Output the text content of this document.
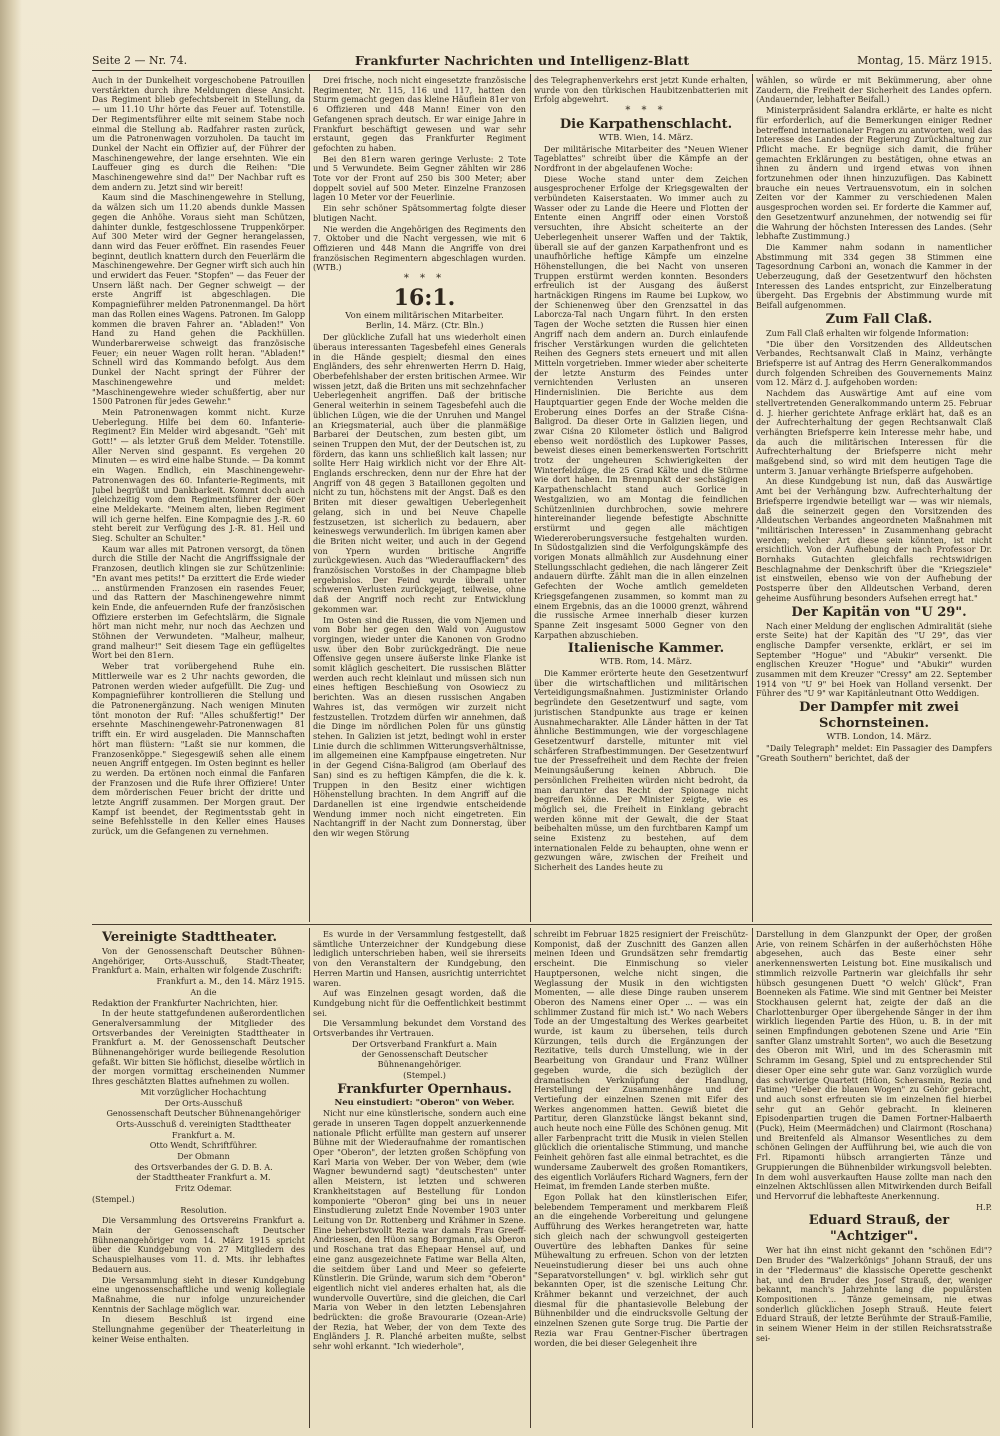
Seite 2 — Nr. 74.	Frankfurter Nachrichten und Intelligenz-Blatt	Montag, 15. März 1915.

Auch in der Dunkelheit vorgeschobene Patrouillen verstärkten durch ihre Meldungen diese Ansicht. Das Regiment blieb gefechtsbereit in Stellung, da — um 11.10 Uhr hörte das Feuer auf. Totenstille. Der Regimentsführer eilte mit seinem Stabe noch einmal die Stellung ab. Radfahrer rasten zurück, um die Patronenwagen vorzuholen. Da taucht im Dunkel der Nacht ein Offizier auf, der Führer der Maschinengewehre, der lange ersehnten. Wie ein Lauffeuer ging es durch die Reihen: "Die Maschinengewehre sind da!" Der Nachbar ruft es dem andern zu. Jetzt sind wir bereit!

Kaum sind die Maschinengewehre in Stellung, da wälzen sich um 11.20 abends dunkle Massen gegen die Anhöhe. Voraus sieht man Schützen, dahinter dunkle, festgeschlossene Truppenkörper. Auf 300 Meter wird der Gegner herangelassen, dann wird das Feuer eröffnet. Ein rasendes Feuer beginnt, deutlich knattern durch den Feuerlärm die Maschinengewehre. Der Gegner wirft sich auch hin und erwidert das Feuer. "Stopfen" — das Feuer der Unsern läßt nach. Der Gegner schweigt — der erste Angriff ist abgeschlagen. Die Kompagnieführer melden Patronenmangel. Da hört man das Rollen eines Wagens. Patronen. Im Galopp kommen die braven Fahrer an. "Abladen!" Von Hand zu Hand gehen die Packhüllen. Wunderbarerweise schweigt das französische Feuer; ein neuer Wagen rollt heran. "Abladen!" Schnell wird das Kommando befolgt. Aus dem Dunkel der Nacht springt der Führer der Maschinengewehre und meldet: "Maschinengewehre wieder schußfertig, aber nur 1500 Patronen für jedes Gewehr."

Mein Patronenwagen kommt nicht. Kurze Ueberlegung. Hilfe bei dem 60. Infanterie-Regiment? Ein Melder wird abgesandt. "Geh' mit Gott!" — als letzter Gruß dem Melder. Totenstille. Aller Nerven sind gespannt. Es vergehen 20 Minuten — es wird eine halbe Stunde. — Da kommt ein Wagen. Endlich, ein Maschinengewehr-Patronenwagen des 60. Infanterie-Regiments, mit Jubel begrüßt und Dankbarkeit. Kommt doch auch gleichzeitig vom dem Regimentsführer der 60er eine Meldekarte. "Meinem alten, lieben Regiment will ich gerne helfen. Eine Kompagnie des J.-R. 60 steht bereit zur Verfügung des J.-R. 81. Heil und Sieg. Schulter an Schulter."

Kaum war alles mit Patronen versorgt, da tönen durch die Stille der Nacht die Angriffssignale der Franzosen, deutlich klingen sie zur Schützenlinie: "En avant mes petits!" Da erzittert die Erde wieder ... anstürmenden Franzosen ein rasendes Feuer, und das Rattern der Maschinengewehre nimmt kein Ende, die anfeuernden Rufe der französischen Offiziere ersterben im Gefechtslärm, die Signale hört man nicht mehr, nur noch das Aechzen und Stöhnen der Verwundeten. "Malheur, malheur, grand malheur!" Seit diesem Tage ein geflügeltes Wort bei den 81ern.

Weber trat vorübergehend Ruhe ein. Mittlerweile war es 2 Uhr nachts geworden, die Patronen werden wieder aufgefüllt. Die Zug- und Kompagnieführer kontrollieren die Stellung und die Patronenergänzung. Nach wenigen Minuten tönt monoton der Ruf: "Alles schußfertig!" Der ersehnte Maschinengewehr-Patronenwagen 81 trifft ein. Er wird ausgeladen. Die Mannschaften hört man flüstern: "Laßt sie nur kommen, die Franzosenköppe." Siegesgewiß sehen alle einem neuen Angriff entgegen. Im Osten beginnt es heller zu werden. Da ertönen noch einmal die Fanfaren der Franzosen und die Rufe ihrer Offiziere! Unter dem mörderischen Feuer bricht der dritte und letzte Angriff zusammen. Der Morgen graut. Der Kampf ist beendet, der Regimentsstab geht in seine Befehlsstelle in den Keller eines Hauses zurück, um die Gefangenen zu vernehmen.

Drei frische, noch nicht eingesetzte französische Regimenter, Nr. 115, 116 und 117, hatten den Sturm gemacht gegen das kleine Häuflein 81er von 6 Offizieren und 448 Mann! Einer von den Gefangenen sprach deutsch. Er war einige Jahre in Frankfurt beschäftigt gewesen und war sehr erstaunt, gegen das Frankfurter Regiment gefochten zu haben.

Bei den 81ern waren geringe Verluste: 2 Tote und 5 Verwundete. Beim Gegner zählten wir 286 Tote vor der Front auf 250 bis 300 Meter; aber doppelt soviel auf 500 Meter. Einzelne Franzosen lagen 10 Meter vor der Feuerlinie.

Ein sehr schöner Spätsommertag folgte dieser blutigen Nacht.

Nie werden die Angehörigen des Regiments den 7. Oktober und die Nacht vergessen, wie mit 6 Offizieren und 448 Mann die Angriffe von drei französischen Regimentern abgeschlagen wurden. (WTB.)

* * *

16:1.

Von einem militärischen Mitarbeiter.

Berlin, 14. März. (Ctr. Bln.)

Der glückliche Zufall hat uns wiederholt einen überaus interessanten Tagesbefehl eines Generals in die Hände gespielt; diesmal den eines Engländers, des sehr ehrenwerten Herrn D. Haig, Oberbefehlshaber der ersten britischen Armee. Wir wissen jetzt, daß die Briten uns mit sechzehnfacher Ueberlegenheit angriffen. Daß der britische General weiterhin in seinem Tagesbefehl auch die üblichen Lügen, wie die der Unruhen und Mangel an Kriegsmaterial, auch über die planmäßige Barbarei der Deutschen, zum besten gibt, um seinen Truppen den Mut, der der Deutschen ist, zu fördern, das kann uns schließlich kalt lassen; nur sollte Herr Haig wirklich nicht vor der Ehre Alt-Englands erschrecken, denn nur der Ehre hat der Angriff von 48 gegen 3 Bataillonen gegolten und nicht zu tun, höchstens mit der Angst. Daß es den Briten mit dieser gewaltigen Ueberlegenheit gelang, sich in und bei Neuve Chapelle festzusetzen, ist sicherlich zu bedauern, aber keineswegs verwunderlich. Im übrigen kamen aber die Briten nicht weiter, und auch in der Gegend von Ypern wurden britische Angriffe zurückgewiesen. Auch das "Wiederaufflackern" des französischen Vorstoßes in der Champagne blieb ergebnislos. Der Feind wurde überall unter schweren Verlusten zurückgejagt, teilweise, ohne daß der Angriff noch recht zur Entwicklung gekommen war.

Im Osten sind die Russen, die vom Njemen und vom Bobr her gegen den Wald von Augustow vorgingen, wieder unter die Kanonen von Grodno usw. über den Bobr zurückgedrängt. Die neue Offensive gegen unsere äußerste linke Flanke ist somit kläglich gescheitert. Die russischen Blätter werden auch recht kleinlaut und müssen sich nun eines heftigen Beschießung von Osowiecz zu berichten. Was an diesen russischen Angaben Wahres ist, das vermögen wir zurzeit nicht festzustellen. Trotzdem dürfen wir annehmen, daß die Dinge im nördlichen Polen für uns günstig stehen. In Galizien ist jetzt, bedingt wohl in erster Linie durch die schlimmen Witterungsverhältnisse, im allgemeinen eine Kampfpause eingetreten. Nur in der Gegend Ciśna-Baligrod (am Oberlauf des San) sind es zu heftigen Kämpfen, die die k. k. Truppen in den Besitz einer wichtigen Höhenstellung brachten. In dem Angriff auf die Dardanellen ist eine irgendwie entscheidende Wendung immer noch nicht eingetreten. Ein Nachtangriff in der Nacht zum Donnerstag, über den wir wegen Störung

des Telegraphenverkehrs erst jetzt Kunde erhalten, wurde von den türkischen Haubitzenbatterien mit Erfolg abgewehrt.

* * *

Die Karpathenschlacht.

WTB. Wien, 14. März.

Der militärische Mitarbeiter des "Neuen Wiener Tageblattes" schreibt über die Kämpfe an der Nordfront in der abgelaufenen Woche:

Diese Woche stand unter dem Zeichen ausgesprochener Erfolge der Kriegsgewalten der verbündeten Kaiserstaaten. Wo immer auch zu Wasser oder zu Lande die Heere und Flotten der Entente einen Angriff oder einen Vorstoß versuchten, ihre Absicht scheiterte an der Ueberlegenheit unserer Waffen und der Taktik, überall sie auf der ganzen Karpathenfront und es unaufhörliche heftige Kämpfe um einzelne Höhenstellungen, die bei Nacht von unseren Truppen erstürmt werden konnten. Besonders erfreulich ist der Ausgang des äußerst hartnäckigen Ringens im Raume bei Lupkow, wo der Schienenweg über den Grenzsattel in das Laborcza-Tal nach Ungarn führt. In den ersten Tagen der Woche setzten die Russen hier einen Angriff nach dem andern an. Durch einlaufende frischer Verstärkungen wurden die gelichteten Reihen des Gegners stets erneuert und mit allen Mitteln vorgetrieben. Immer wieder aber scheiterte der letzte Ansturm des Feindes unter vernichtenden Verlusten an unseren Hindernislinien. Die Berichte aus dem Hauptquartier gegen Ende der Woche melden die Eroberung eines Dorfes an der Straße Ciśna-Baligrod. Da dieser Orte in Galizien liegen, und zwar Ciśna 20 Kilometer östlich und Baligrod ebenso weit nordöstlich des Lupkower Passes, beweist dieses einen bemerkenswerten Fortschritt trotz der ungeheuren Schwierigkeiten der Winterfeldzüge, die 25 Grad Kälte und die Stürme wie dort haben. Im Brennpunkt der sechstägigen Karpathenschlacht stand auch Gorlice in Westgalizien, wo am Montag die feindlichen Schützenlinien durchbrochen, sowie mehrere hintereinander liegende befestigte Abschnitte erstürmt und gegen alle mächtigen Wiedereroberungsversuche festgehalten wurden. In Südostgalizien sind die Verfolgungskämpfe des vorigen Monats allmählich zur Ausdehnung einer Stellungsschlacht gediehen, die nach längerer Zeit andauern dürfte. Zählt man die in allen einzelnen Gefechten der Woche amtlich gemeldeten Kriegsgefangenen zusammen, so kommt man zu einem Ergebnis, das an die 10000 grenzt, während die russische Armee innerhalb dieser kurzen Spanne Zeit insgesamt 5000 Gegner von den Karpathen abzuschieben.

Italienische Kammer.

WTB. Rom, 14. März.

Die Kammer erörterte heute den Gesetzentwurf über die wirtschaftlichen und militärischen Verteidigungsmaßnahmen. Justizminister Orlando begründete den Gesetzentwurf und sagte, vom juristischen Standpunkte aus trage er keinen Ausnahmecharakter. Alle Länder hätten in der Tat ähnliche Bestimmungen, wie der vorgeschlagene Gesetzentwurf darstelle, mitunter mit viel schärferen Strafbestimmungen. Der Gesetzentwurf tue der Pressefreiheit und dem Rechte der freien Meinungsäußerung keinen Abbruch. Die persönlichen Freiheiten würden nicht bedroht, da man darunter das Recht der Spionage nicht begreifen könne. Der Minister zeigte, wie es möglich sei, die Freiheit in Einklang gebracht werden könne mit der Gewalt, die der Staat beibehalten müsse, um den furchtbaren Kampf um seine Existenz zu bestehen, auf dem internationalen Felde zu behaupten, ohne wenn er gezwungen wäre, zwischen der Freiheit und Sicherheit des Landes heute zu

wählen, so würde er mit Bekümmerung, aber ohne Zaudern, die Freiheit der Sicherheit des Landes opfern. (Andauernder, lebhafter Beifall.)

Ministerpräsident Salandra erklärte, er halte es nicht für erforderlich, auf die Bemerkungen einiger Redner betreffend internationaler Fragen zu antworten, weil das Interesse des Landes der Regierung Zurückhaltung zur Pflicht mache. Er begnüge sich damit, die früher gemachten Erklärungen zu bestätigen, ohne etwas an ihnen zu ändern und irgend etwas von ihnen fortzunehmen oder ihnen hinzuzufügen. Das Kabinett brauche ein neues Vertrauensvotum, ein in solchen Zeiten vor der Kammer zu verschiedenen Malen ausgesprochen worden sei. Er forderte die Kammer auf, den Gesetzentwurf anzunehmen, der notwendig sei für die Wahrung der höchsten Interessen des Landes. (Sehr lebhafte Zustimmung.)

Die Kammer nahm sodann in namentlicher Abstimmung mit 334 gegen 38 Stimmen eine Tagesordnung Carboni an, wonach die Kammer in der Ueberzeugung, daß der Gesetzentwurf den höchsten Interessen des Landes entspricht, zur Einzelberatung übergeht. Das Ergebnis der Abstimmung wurde mit Beifall aufgenommen.

Zum Fall Claß.

Zum Fall Claß erhalten wir folgende Information:

"Die über den Vorsitzenden des Alldeutschen Verbandes, Rechtsanwalt Claß in Mainz, verhängte Briefsperre ist auf Antrag des Herrn Generalkommandos durch folgenden Schreiben des Gouvernements Mainz vom 12. März d. J. aufgehoben worden:

Nachdem das Auswärtige Amt auf eine vom stellvertretenden Generalkommando unterm 25. Februar d. J. hierher gerichtete Anfrage erklärt hat, daß es an der Aufrechterhaltung der gegen Rechtsanwalt Claß verhängten Briefsperre kein Interesse mehr habe, und da auch die militärischen Interessen für die Aufrechterhaltung der Briefsperre nicht mehr maßgebend sind, so wird mit dem heutigen Tage die unterm 3. Januar verhängte Briefsperre aufgehoben.

An diese Kundgebung ist nun, daß das Auswärtige Amt bei der Verhängung bzw. Aufrechterhaltung der Briefsperre irgendwie beteiligt war — was wir niemals, daß die seinerzeit gegen den Vorsitzenden des Alldeutschen Verbandes angeordneten Maßnahmen mit "militärischen Interessen" in Zusammenhang gebracht werden; welcher Art diese sein könnten, ist nicht ersichtlich. Von der Aufhebung der nach Professor Dr. Bornhaks Gutachten gleichfalls rechtswidrigen Beschlagnahme der Denkschrift über die "Kriegsziele" ist einstweilen, ebenso wie von der Aufhebung der Postsperre über den Alldeutschen Verband, deren geheime Ausführung besonders Aufsehen erregt hat."

Der Kapitän von "U 29".

Nach einer Meldung der englischen Admiralität (siehe erste Seite) hat der Kapitän des "U 29", das vier englische Dampfer versenkte, erklärt, er sei im September "Hogue" und "Abukir" versenkt. Die englischen Kreuzer "Hogue" und "Abukir" wurden zusammen mit dem Kreuzer "Cressy" am 22. September 1914 von "U 9" bei Hoek van Holland versenkt. Der Führer des "U 9" war Kapitänleutnant Otto Weddigen.

Der Dampfer mit zwei Schornsteinen.

WTB. London, 14. März.

"Daily Telegraph" meldet: Ein Passagier des Dampfers "Greath Southern" berichtet, daß der

Vereinigte Stadttheater.

Von der Genossenschaft Deutscher Bühnen-Angehöriger, Orts-Ausschuß, Stadt-Theater, Frankfurt a. Main, erhalten wir folgende Zuschrift:

Frankfurt a. M., den 14. März 1915.

An die

Redaktion der Frankfurter Nachrichten, hier.

In der heute stattgefundenen außerordentlichen Generalversammlung der Mitglieder des Ortsverbandes der Vereinigten Stadttheater in Frankfurt a. M. der Genossenschaft Deutscher Bühnenangehöriger wurde beiliegende Resolution gefaßt. Wir bitten Sie höflichst, dieselbe wörtlich in der morgen vormittag erscheinenden Nummer Ihres geschätzten Blattes aufnehmen zu wollen.

Mit vorzüglicher Hochachtung

Der Orts-Ausschuß

Genossenschaft Deutscher Bühnenangehöriger

Orts-Ausschuß d. vereinigten Stadttheater

Frankfurt a. M.

Otto Wendt, Schriftführer.

Der Obmann

des Ortsverbandes der G. D. B. A.

der Stadttheater Frankfurt a. M.

Fritz Odemar.

(Stempel.)

Resolution.

Die Versammlung des Ortsvereins Frankfurt a. Main der Genossenschaft Deutscher Bühnenangehöriger vom 14. März 1915 spricht über die Kundgebung von 27 Mitgliedern des Schauspielhauses vom 11. d. Mts. ihr lebhaftes Bedauern aus.

Die Versammlung sieht in dieser Kundgebung eine ungenossenschaftliche und wenig kollegiale Maßnahme, die nur infolge unzureichender Kenntnis der Sachlage möglich war.

In diesem Beschluß ist irgend eine Stellungnahme gegenüber der Theaterleitung in keiner Weise enthalten.

Es wurde in der Versammlung festgestellt, daß sämtliche Unterzeichner der Kundgebung diese lediglich unterschrieben haben, weil sie ihrerseits von den Veranstaltern der Kundgebung, den Herren Martin und Hansen, ausrichtig unterrichtet waren.

Auf was Einzelnen gesagt worden, daß die Kundgebung nicht für die Oeffentlichkeit bestimmt sei.

Die Versammlung bekundet dem Vorstand des Ortsverbandes ihr Vertrauen.

Der Ortsverband Frankfurt a. Main

der Genossenschaft Deutscher Bühnenangehöriger.

(Stempel.)

Frankfurter Opernhaus.

Neu einstudiert: "Oberon" von Weber.

Nicht nur eine künstlerische, sondern auch eine gerade in unseren Tagen doppelt anzuerkennende nationale Pflicht erfüllte man gestern auf unserer Bühne mit der Wiederaufnahme der romantischen Oper "Oberon", der letzten großen Schöpfung von Karl Maria von Weber. Der von Weber, dem (wie Wagner bewundernd sagt) "deutschesten" unter allen Meistern, ist letzten und schweren Krankheitstagen auf Bestellung für London komponierte "Oberon" ging bei uns in neuer Einstudierung zuletzt Ende November 1903 unter Leitung von Dr. Rottenberg und Krähmer in Szene. Eine beherbstwollt Rezia war damals Frau Greeff-Andriessen, den Hüon sang Borgmann, als Oberon und Roschana trat das Ehepaar Hensel auf, und eine ganz ausgezeichnete Fatime war Bella Alten, die seitdem über Land und Meer so gefeierte Künstlerin. Die Gründe, warum sich dem "Oberon" eigentlich nicht viel anderes erhalten hat, als die wundervolle Ouvertüre, sind die gleichen, die Carl Maria von Weber in den letzten Lebensjahren bedrückten: die große Bravourarie (Ozean-Arie) der Rezia, hat Weber, der von dem Texte des Engländers J. R. Planché arbeiten mußte, selbst sehr wohl erkannt. "Ich wiederhole",

schreibt im Februar 1825 resigniert der Freischütz-Komponist, daß der Zuschnitt des Ganzen allen meinen Ideen und Grundsätzen sehr fremdartig erscheint. Die Einmischung so vieler Hauptpersonen, welche nicht singen, die Weglassung der Musik in den wichtigsten Momenten, — alle diese Dinge rauben unserem Oberon des Namens einer Oper ... — was ein schlimmer Zustand für mich ist." Wo nach Webers Tode an der Umgestaltung des Werkes gearbeitet wurde, ist kaum zu übersehen, teils durch Kürzungen, teils durch die Ergänzungen der Rezitative, teils durch Umstellung, wie in der Bearbeitung von Grandaur und Franz Wüllner gegeben wurde, die sich bezüglich der dramatischen Verknüpfung der Handlung, Herstellung der Zusammenhänge und der Vertiefung der einzelnen Szenen mit Eifer des Werkes angenommen hatten. Gewiß bietet die Partitur, deren Glanzstücke längst bekannt sind, auch heute noch eine Fülle des Schönen genug. Mit aller Farbenpracht tritt die Musik in vielen Stellen glücklich die orientalische Stimmung, und manche Feinheit gehören fast alle einmal betrachtet, es die wundersame Zauberwelt des großen Romantikers, des eigentlich Vorläufers Richard Wagners, fern der Heimat, im fremden Lande sterben mußte.

Egon Pollak hat den künstlerischen Eifer, belebendem Temperament und merkbarem Fleiß an die eingehende Vorbereitung und gelungene Aufführung des Werkes herangetreten war, hatte sich gleich nach der schwungvoll gesteigerten Ouvertüre des lebhaften Dankes für seine Mühewaltung zu erfreuen. Schon von der letzten Neueinstudierung dieser bei uns auch ohne "Separatvorstellungen" v. bgl. wirklich sehr gut bekannten Oper, ist die szenische Leitung Chr. Krähmer bekannt und verzeichnet, der auch diesmal für die phantasievolle Belebung der Bühnenbilder und die eindrucksvolle Geltung der einzelnen Szenen gute Sorge trug. Die Partie der Rezia war Frau Gentner-Fischer übertragen worden, die bei dieser Gelegenheit ihre

Darstellung in dem Glanzpunkt der Oper, der großen Arie, von reinem Schärfen in der außerhöchsten Höhe abgesehen, auch das Beste einer sehr anerkennenswerten Leistung bot. Eine musikalisch und stimmlich reizvolle Partnerin war gleichfalls ihr sehr hübsch gesungenen Duett "O welch' Glück", Fran Boenneken als Fatime. Wie sind mit Gentner bei Meister Stockhausen gelernt hat, zeigte der daß an die Charlottenburger Oper übergehende Sänger in der ihm wirklich liegenden Partie des Hüon, u. B. in der mit seinen Empfindungen gebotenen Szene und Arie "Ein sanfter Glanz umstrahlt Sorten", wo auch die Besetzung des Oberon mit Wirl, und im des Scherasmin mit Schramm im Gesang, Spiel und zu entsprechender Stil dieser Oper eine sehr gute war. Ganz vorzüglich wurde das schwierige Quartett (Hüon, Scherasmin, Rezia und Fatime) "Ueber die blauen Wogen" zu Gehör gebracht, und auch sonst erfreuten sie im einzelnen fiel hierbei sehr gut an Gehör gebracht. In kleineren Episodenpartien trugen die Damen Fortner-Halbaerth (Puck), Heim (Meermädchen) und Clairmont (Roschana) und Breitenfeld als Almansor Wesentliches zu dem schönen Gelingen der Aufführung bei, wie auch die von Frl. Ripamonti hübsch arrangierten Tänze und Gruppierungen die Bühnenbilder wirkungsvoll belebten. In dem wohl ausverkauften Hause zollte man nach den einzelnen Aktschlüssen allen Mitwirkenden durch Beifall und Hervorruf die lebhafteste Anerkennung.

H.P.

Eduard Strauß, der "Achtziger".

Wer hat ihn einst nicht gekannt den "schönen Edi"? Den Bruder des "Walzerkönigs" Johann Strauß, der uns in der "Fledermaus" die klassische Operette geschenkt hat, und den Bruder des Josef Strauß, der, weniger bekannt, manch's Jahrzehnte lang die populärsten Kompositionen ... Tänze gemeinsam, nie etwas sonderlich glücklichen Joseph Strauß. Heute feiert Eduard Strauß, der letzte Berühmte der Strauß-Familie, in seinem Wiener Heim in der stillen Reichsratsstraße sei-
